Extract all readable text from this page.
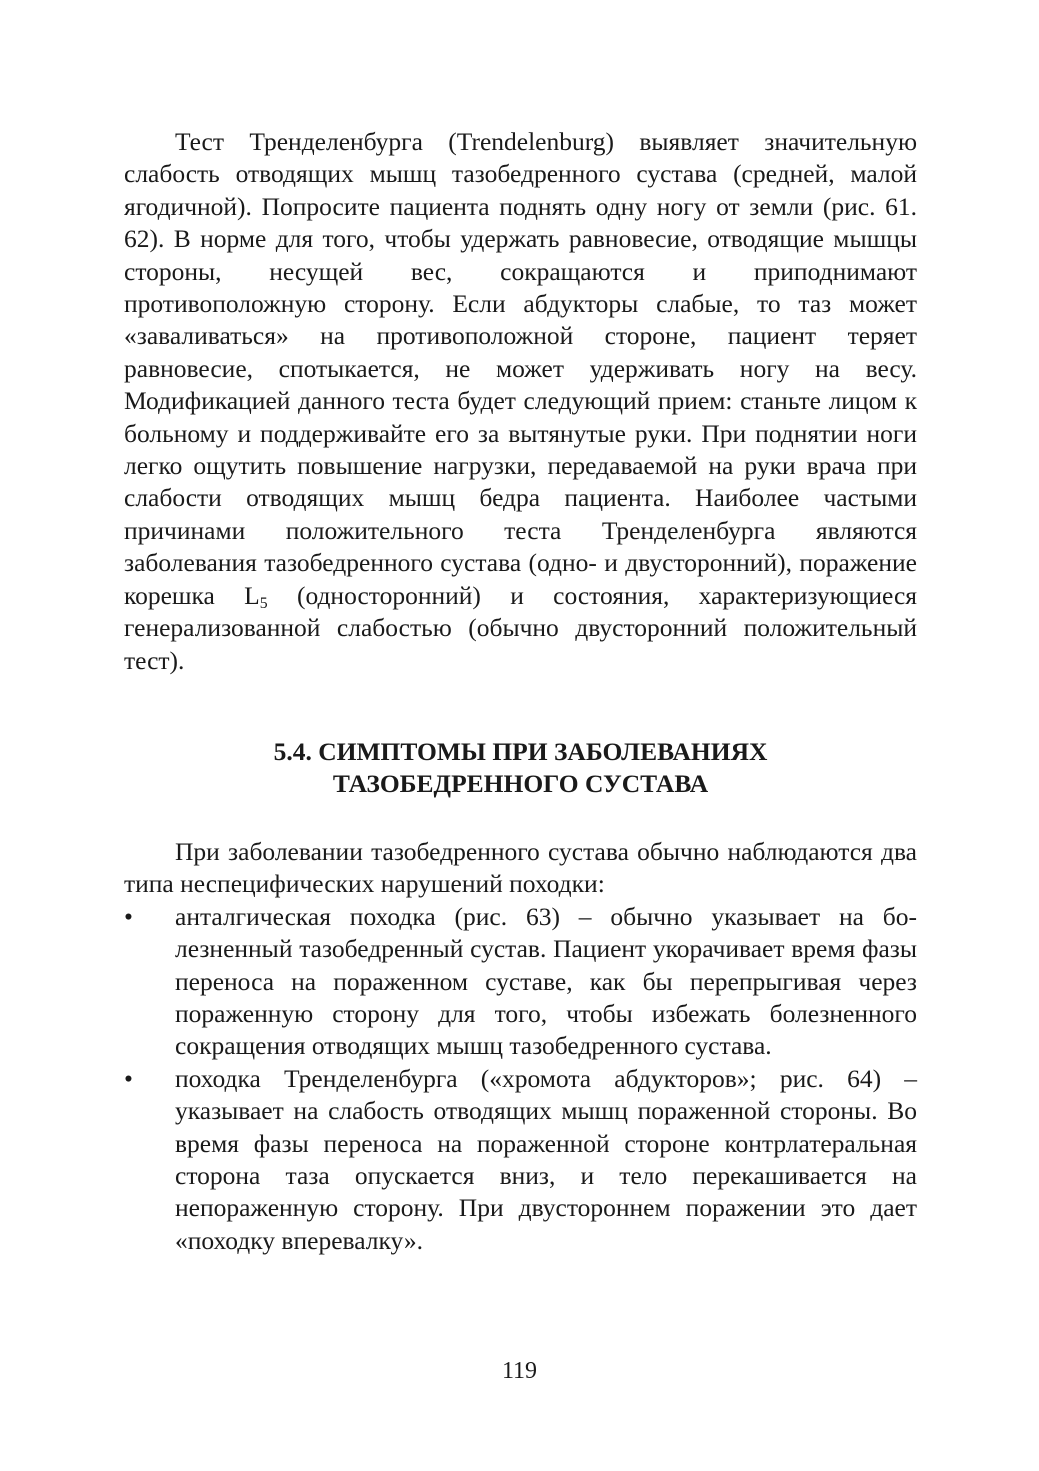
Тест Тренделенбурга (Trendelenburg) выявляет значительную слабость отводящих мышц тазобедренного сустава (средней, малой ягодичной). Попросите пациента поднять одну ногу от земли (рис. 61. 62). В норме для того, чтобы удержать равновесие, отводящие мышцы стороны, несущей вес, сокращаются и приподнимают противоположную сторону. Если абдукторы слабые, то таз может «заваливаться» на противоположной стороне, пациент теряет равновесие, спотыкается, не может удерживать ногу на весу. Модификацией данного теста будет следующий прием: станьте лицом к больному и поддерживайте его за вытянутые руки. При поднятии ноги легко ощутить повышение нагрузки, передаваемой на руки врача при слабости отводящих мышц бедра пациента. Наиболее частыми причинами положительного теста Тренделенбурга являются заболевания тазобедренного сустава (одно- и двусторонний), поражение корешка $L_5$ (односторонний) и состояния, характеризующиеся генерализованной слабостью (обычно двусторонний положительный тест).

5.4. СИМПТОМЫ ПРИ ЗАБОЛЕВАНИЯХ
ТАЗОБЕДРЕННОГО СУСТАВА

При заболевании тазобедренного сустава обычно наблюдаются два типа неспецифических нарушений походки:

• анталгическая походка (рис. 63) – обычно указывает на болезненный тазобедренный сустав. Пациент укорачивает время фазы переноса на пораженном суставе, как бы перепрыгивая через пораженную сторону для того, чтобы избежать болезненного сокращения отводящих мышц тазобедренного сустава.
• походка Тренделенбурга («хромота абдукторов»; рис. 64) – указывает на слабость отводящих мышц пораженной стороны. Во время фазы переноса на пораженной стороне контрлатеральная сторона таза опускается вниз, и тело перекашивается на непораженную сторону. При двустороннем поражении это дает «походку вперевалку».
119
